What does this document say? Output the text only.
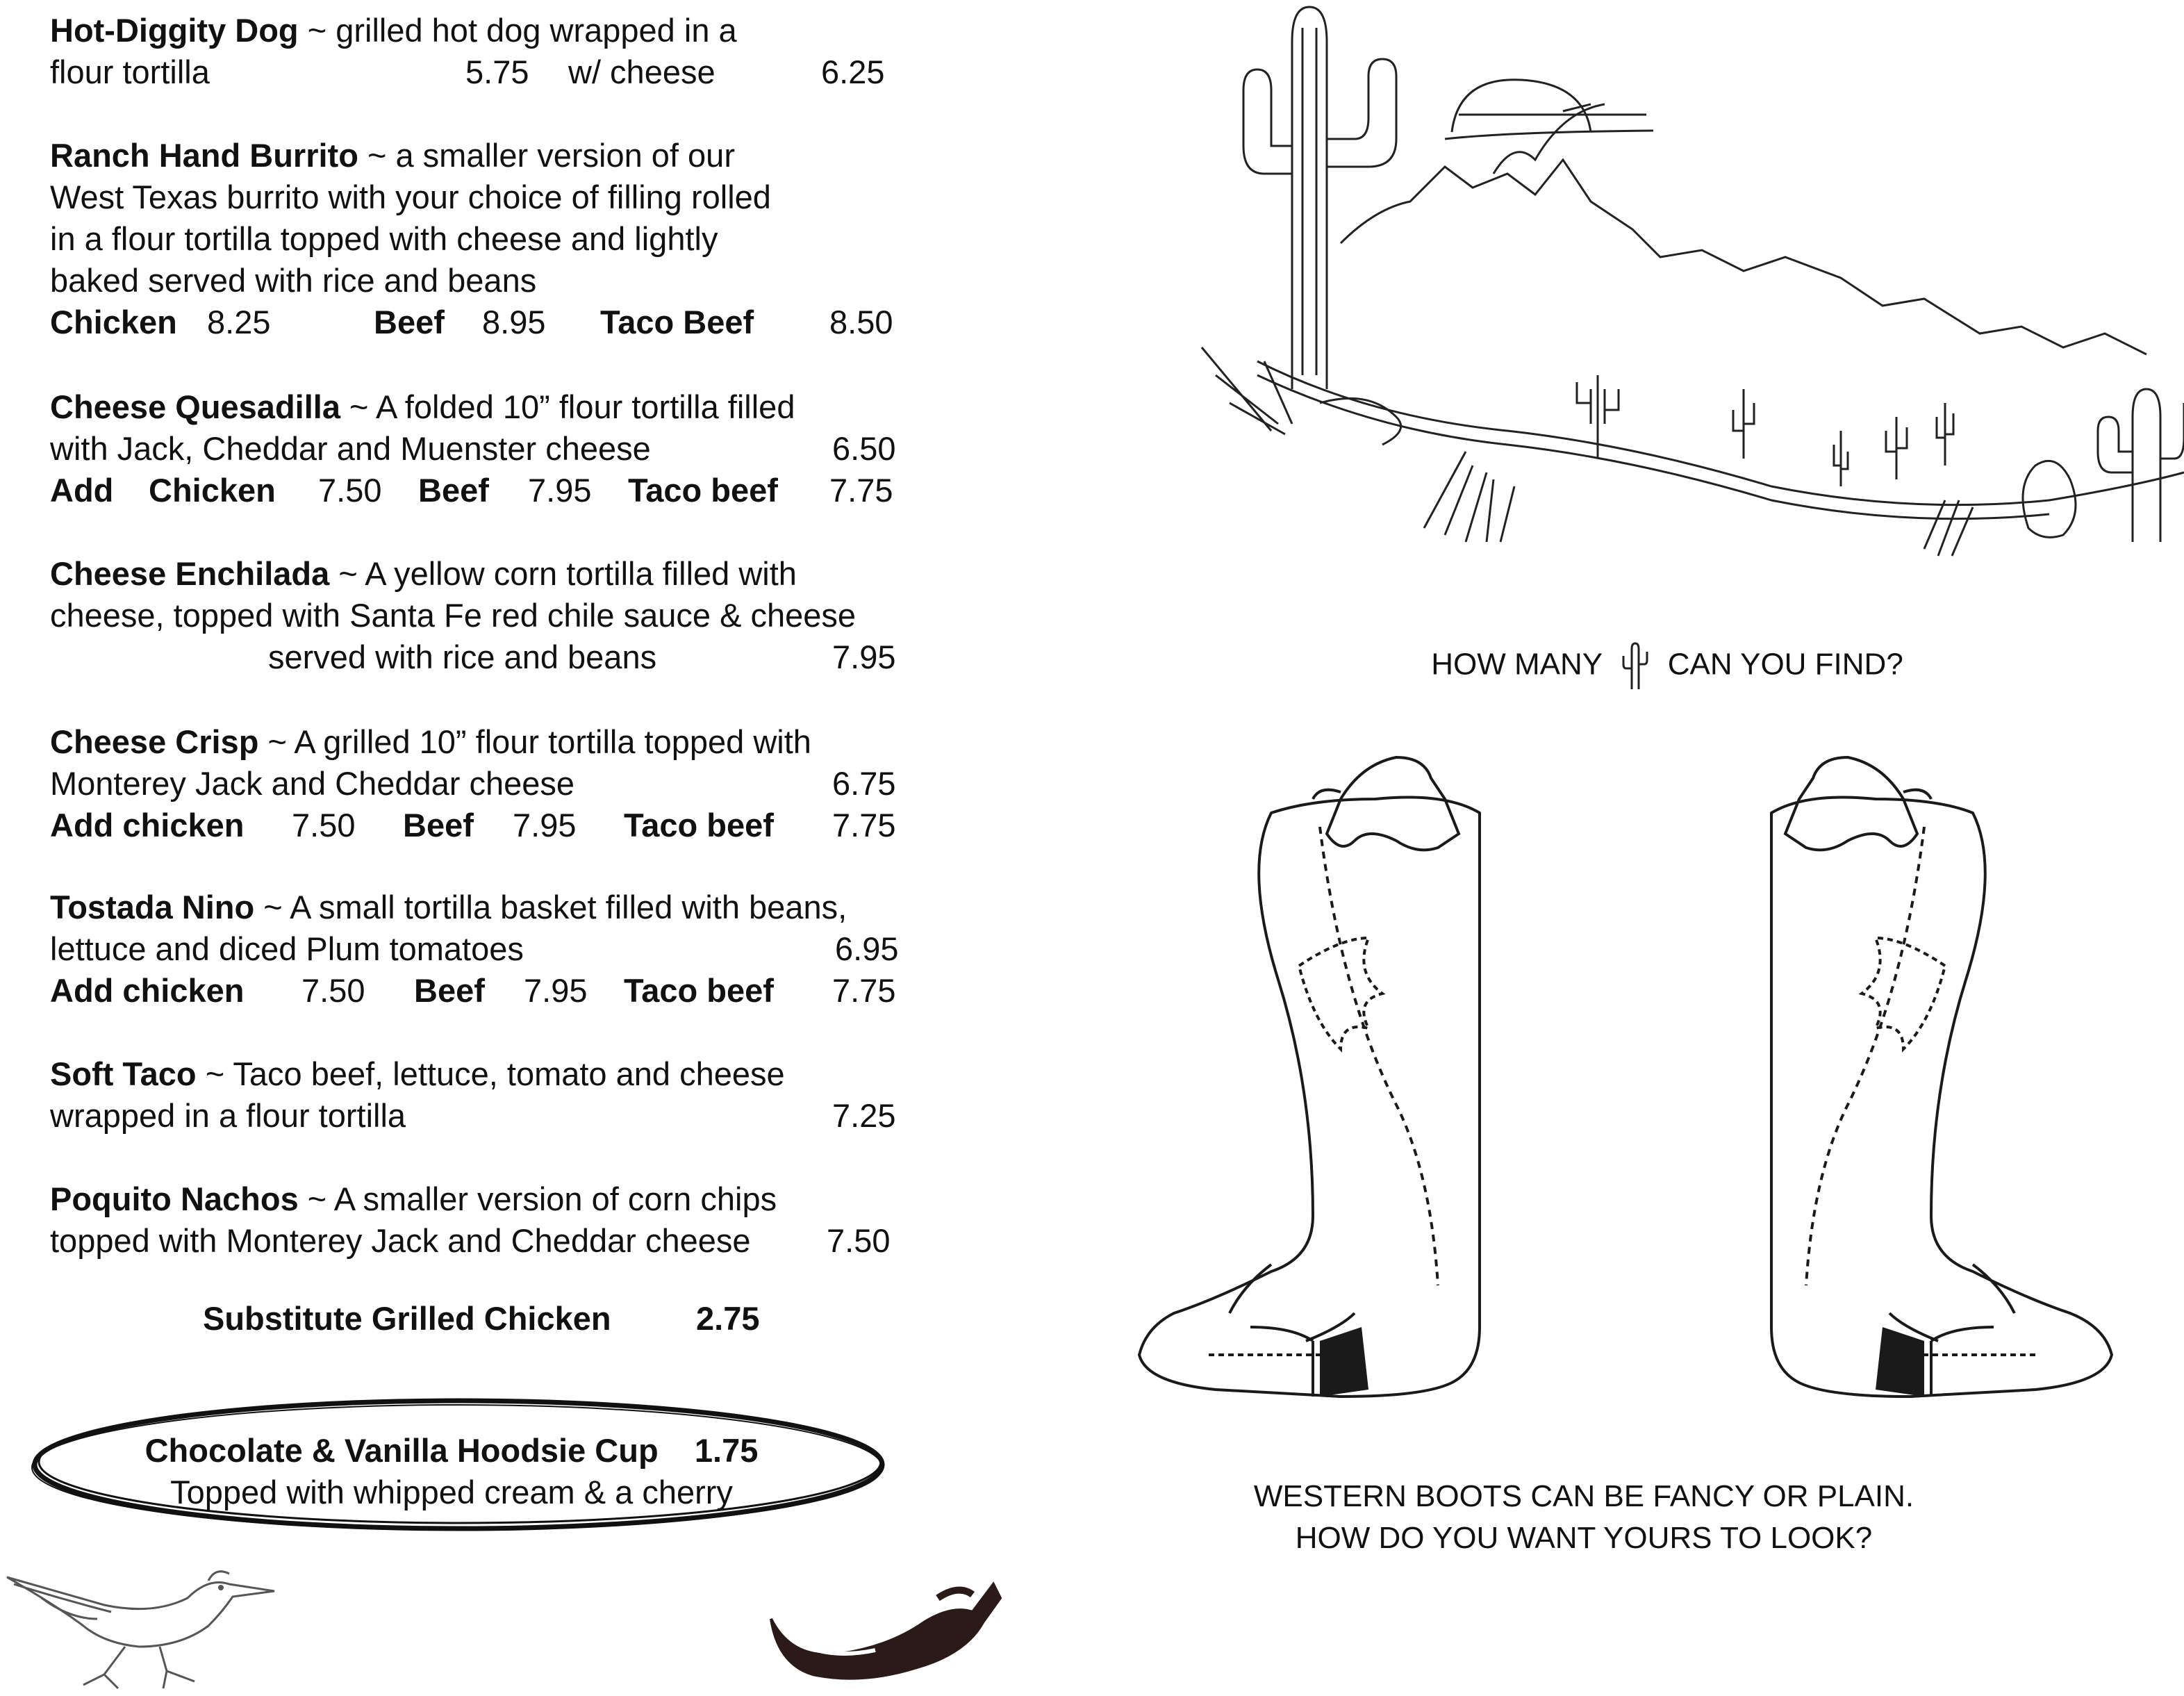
Hot-Diggity Dog ~ grilled hot dog wrapped in a
flour tortilla	5.75 w/ cheese	6.25
Ranch Hand Burrito ~ a smaller version of our
West Texas burrito with your choice of filling rolled
in a flour tortilla topped with cheese and lightly
baked served with rice and beans
Chicken 8.25	Beef 8.95 Taco Beef 8.50
Cheese Quesadilla ~ A folded 10” flour tortilla filled
with Jack, Cheddar and Muenster cheese	6.50
Add Chicken 7.50 Beef 7.95 Taco beef 7.75
Cheese Enchilada ~ A yellow corn tortilla filled with
cheese, topped with Santa Fe red chile sauce & cheese
served with rice and beans	7.95
Cheese Crisp ~ A grilled 10” flour tortilla topped with
Monterey Jack and Cheddar cheese	6.75
Add chicken 7.50 Beef 7.95 Taco beef 7.75
Tostada Nino ~ A small tortilla basket filled with beans,
lettuce and diced Plum tomatoes	6.95
Add chicken 7.50 Beef 7.95 Taco beef 7.75
Soft Taco ~ Taco beef, lettuce, tomato and cheese
wrapped in a flour tortilla	7.25
Poquito Nachos ~ A smaller version of corn chips
topped with Monterey Jack and Cheddar cheese 7.50
Substitute Grilled Chicken	2.75
Chocolate & Vanilla Hoodsie Cup 1.75
Topped with whipped cream & a cherry
HOW MANY CAN YOU FIND?
WESTERN BOOTS CAN BE FANCY OR PLAIN.
HOW DO YOU WANT YOURS TO LOOK?
